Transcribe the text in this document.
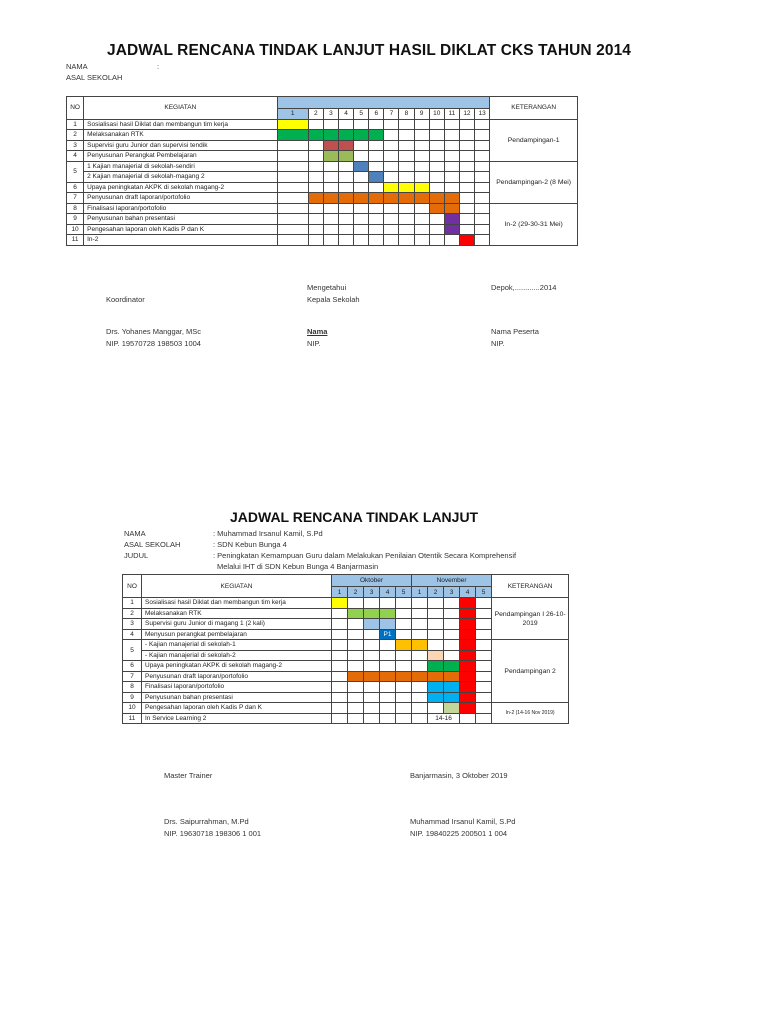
JADWAL RENCANA TINDAK LANJUT HASIL DIKLAT CKS TAHUN 2014
NAMA	:
ASAL SEKOLAH
NO	KEGIATAN														KETERANGAN
		1	2	3	4	5	6	7	8	9	10	11	12	13	
1	Sosialisasi hasil Diklat dan membangun tim kerja														Pendampingan-1
2	Melaksanakan RTK														
3	Supervisi guru Junior dan supervisi tendik														
4	Penyusunan Perangkat Pembelajaran														
5	1 Kajian manajerial di sekolah-sendiri														Pendampingan-2 (8 Mei)
	2 Kajian manajerial di sekolah-magang 2														
6	Upaya peningkatan AKPK di sekolah magang-2														
7	Penyusunan draft laporan/portofolio														
8	Finalisasi laporan/portofolio														In-2 (29-30-31 Mei)
9	Penyusunan bahan presentasi														
10	Pengesahan laporan oleh Kadis P dan K														
11	In-2														
Mengetahui	Depok,............2014
Koordinator	Kepala Sekolah
Drs. Yohanes Manggar, MSc	Nama	Nama Peserta
NIP. 19570728 198503 1004	NIP.	NIP.
JADWAL RENCANA TINDAK LANJUT
NAMA	: Muhammad Irsanul Kamil, S.Pd
ASAL SEKOLAH	: SDN Kebun Bunga 4
JUDUL	: Peningkatan Kemampuan Guru dalam Melakukan Penilaian Otentik Secara Komprehensif
Melalui IHT di SDN Kebun Bunga 4 Banjarmasin
NO	KEGIATAN	Oktober					November					KETERANGAN
		1	2	3	4	5	1	2	3	4	5	
1	Sosialisasi hasil Diklat dan membangun tim kerja											Pendampingan I 26-10-2019
2	Melaksanakan RTK											
3	Supervisi guru Junior di magang 1 (2 kali)											
4	Menyusun perangkat pembelajaran				P1							
5	- Kajian manajerial di sekolah-1											Pendampingan 2
	- Kajian manajerial di sekolah-2											
6	Upaya peningkatan AKPK di sekolah magang-2											
7	Penyusunan draft laporan/portofolio											
8	Finalisasi laporan/portofolio											
9	Penyusunan bahan presentasi											
10	Pengesahan laporan oleh Kadis P dan K											In-2 (14-16 Nov 2019)
11	In Service Learning 2							14-16				
Master Trainer	Banjarmasin, 3 Oktober 2019
Drs. Saipurrahman, M.Pd	Muhammad Irsanul Kamil, S.Pd
NIP. 19630718 198306 1 001	NIP. 19840225 200501 1 004
